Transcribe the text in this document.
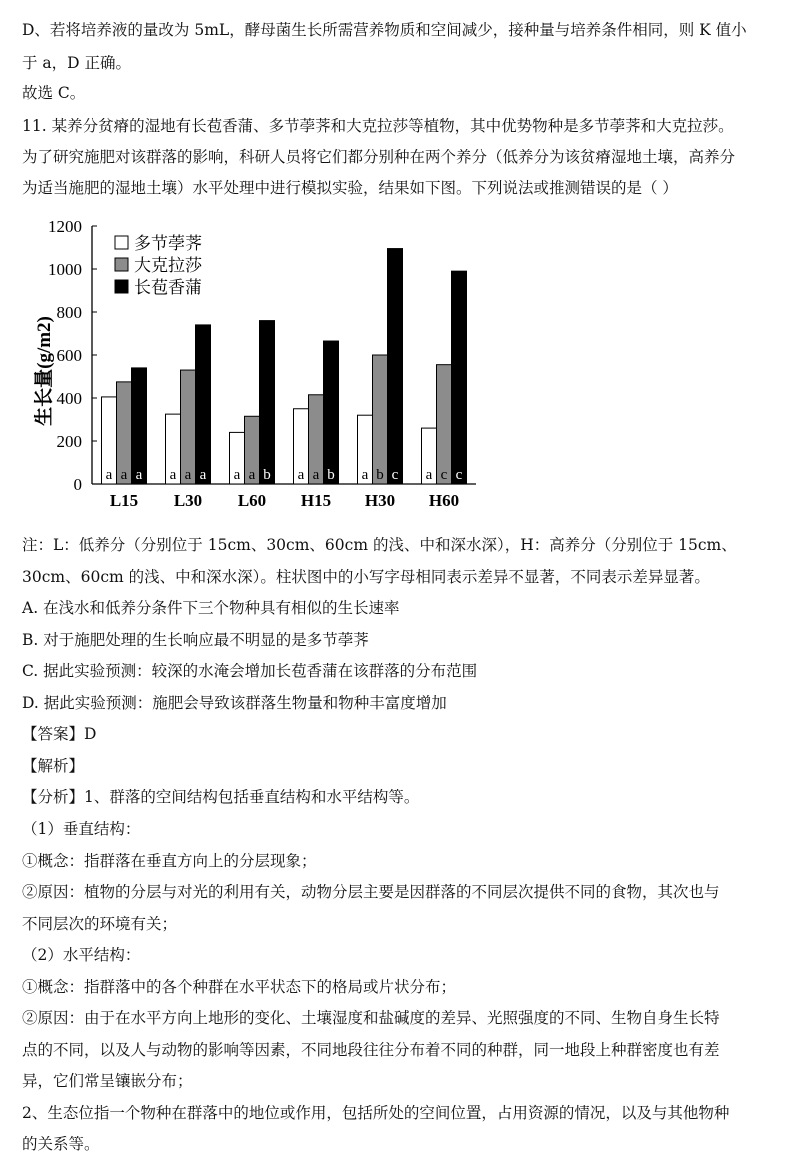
D、若将培养液的量改为 5mL，酵母菌生长所需营养物质和空间减少，接种量与培养条件相同，则 K 值小
于 a，D 正确。
故选 C。
11. 某养分贫瘠的湿地有长苞香蒲、多节荸荠和大克拉莎等植物，其中优势物种是多节荸荠和大克拉莎。
为了研究施肥对该群落的影响，科研人员将它们都分别种在两个养分（低养分为该贫瘠湿地土壤，高养分
为适当施肥的湿地土壤）水平处理中进行模拟实验，结果如下图。下列说法或推测错误的是（ ）
0
200
400
600
800
1000
1200
生长量(g/m2)
L15 L30 L60 H15 H30 H60
a a a a a a a a b a a b a b c a c c
多节荸荠
大克拉莎
长苞香蒲
注：L：低养分（分别位于 15cm、30cm、60cm 的浅、中和深水深），H：高养分（分别位于 15cm、
30cm、60cm 的浅、中和深水深）。柱状图中的小写字母相同表示差异不显著，不同表示差异显著。
A. 在浅水和低养分条件下三个物种具有相似的生长速率
B. 对于施肥处理的生长响应最不明显的是多节荸荠
C. 据此实验预测：较深的水淹会增加长苞香蒲在该群落的分布范围
D. 据此实验预测：施肥会导致该群落生物量和物种丰富度增加
【答案】D
【解析】
【分析】1、群落的空间结构包括垂直结构和水平结构等。
（1）垂直结构：
①概念：指群落在垂直方向上的分层现象；
②原因：植物的分层与对光的利用有关，动物分层主要是因群落的不同层次提供不同的食物，其次也与
不同层次的环境有关；
（2）水平结构：
①概念：指群落中的各个种群在水平状态下的格局或片状分布；
②原因：由于在水平方向上地形的变化、土壤湿度和盐碱度的差异、光照强度的不同、生物自身生长特
点的不同，以及人与动物的影响等因素，不同地段往往分布着不同的种群，同一地段上种群密度也有差
异，它们常呈镶嵌分布；
2、生态位指一个物种在群落中的地位或作用，包括所处的空间位置，占用资源的情况，以及与其他物种
的关系等。
